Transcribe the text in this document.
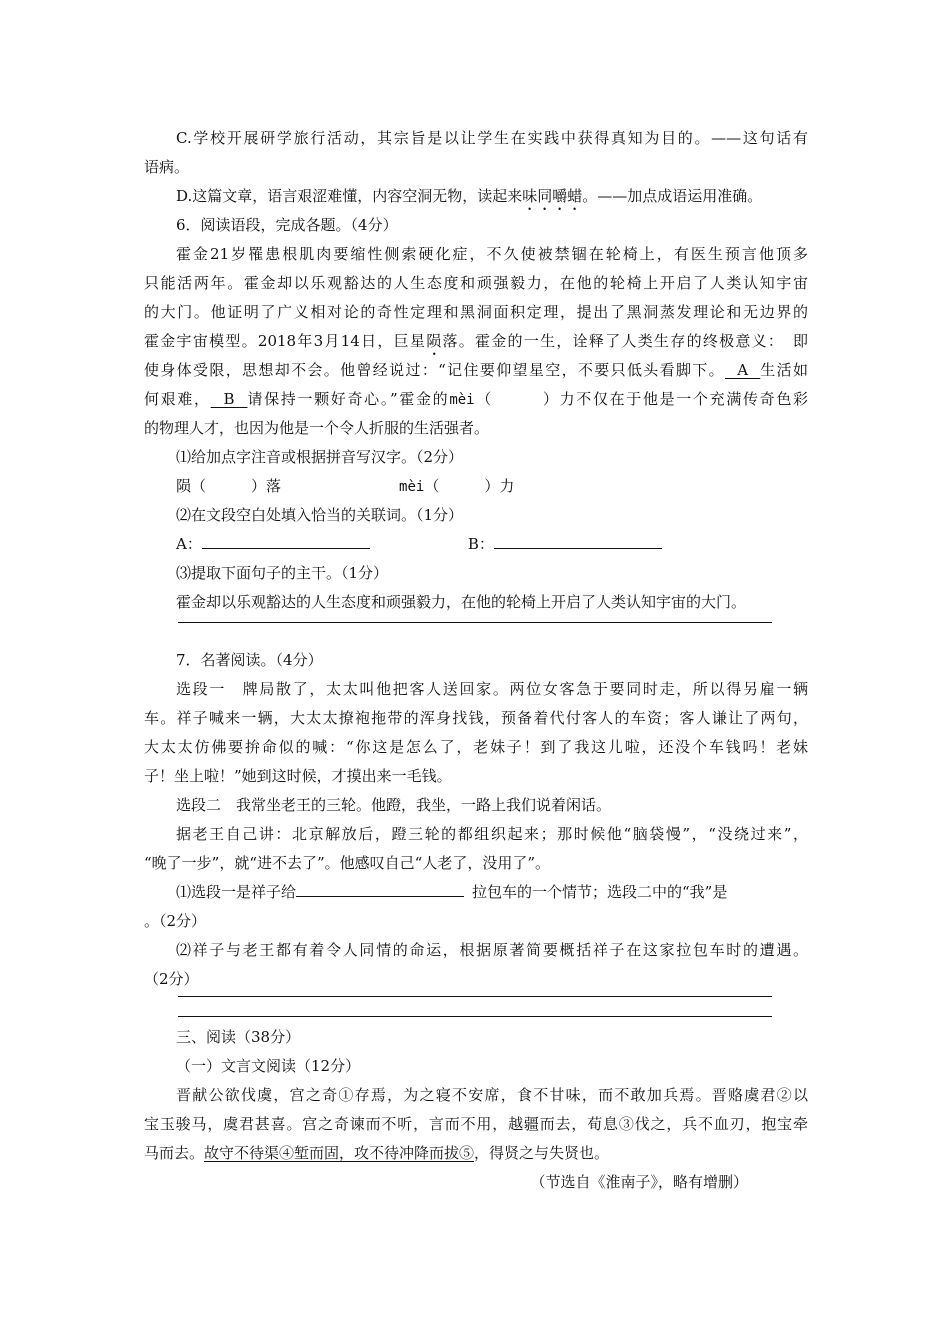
C.学校开展研学旅行活动，其宗旨是以让学生在实践中获得真知为目的。——这句话有
语病。
D.这篇文章，语言艰涩难懂，内容空洞无物，读起来味同嚼蜡。——加点成语运用准确。
6．阅读语段，完成各题。（4分）
霍金21岁罹患根肌肉要缩性侧索硬化症，不久使被禁锢在轮椅上，有医生预言他顶多
只能活两年。霍金却以乐观豁达的人生态度和顽强毅力，在他的轮椅上开启了人类认知宇宙
的大门。他证明了广义相对论的奇性定理和黑洞面积定理，提出了黑洞蒸发理论和无边界的
霍金宇宙模型。2018年3月14日，巨星陨落。霍金的一生，诠释了人类生存的终极意义：　即
使身体受限，思想却不会。他曾经说过：“记住要仰望星空，不要只低头看脚下。  A  生活如
何艰难，  B  请保持一颗好奇心。”霍金的mèi（　　　）力不仅在于他是一个充满传奇色彩
的物理人才，也因为他是一个令人折服的生活强者。
⑴给加点字注音或根据拼音写汉字。（2分）
陨（　　　）落	mèi（　　　）力
⑵在文段空白处填入恰当的关联词。（1分）
A：	B：
⑶提取下面句子的主干。（1分）
霍金却以乐观豁达的人生态度和顽强毅力，在他的轮椅上开启了人类认知宇宙的大门。
7．名著阅读。（4分）
选段一　牌局散了，太太叫他把客人送回家。两位女客急于要同时走，所以得另雇一辆
车。祥子喊来一辆，大太太撩袍拖带的浑身找钱，预备着代付客人的车资；客人谦让了两句，
大太太仿佛要拚命似的喊：“你这是怎么了，老妹子！到了我这儿啦，还没个车钱吗！老妹
子！坐上啦！”她到这时候，才摸出来一毛钱。
选段二　我常坐老王的三轮。他蹬，我坐，一路上我们说着闲话。
据老王自己讲：北京解放后，蹬三轮的都组织起来；那时候他“脑袋慢”，“没绕过来”，
“晚了一步”，就“进不去了”。他感叹自己“人老了，没用了”。
⑴选段一是祥子给	拉包车的一个情节；选段二中的“我”是
。（2分）
⑵祥子与老王都有着令人同情的命运，根据原著简要概括祥子在这家拉包车时的遭遇。
（2分）
三、阅读（38分）
（一）文言文阅读（12分）
晋献公欲伐虞，宫之奇①存焉，为之寝不安席，食不甘味，而不敢加兵焉。晋赂虞君②以
宝玉骏马，虞君甚喜。宫之奇谏而不听，言而不用，越疆而去，荀息③伐之，兵不血刃，抱宝牵
马而去。故守不待渠④堑而固，攻不待冲降而拔⑤，得贤之与失贤也。
（节选自《淮南子》，略有增删）
